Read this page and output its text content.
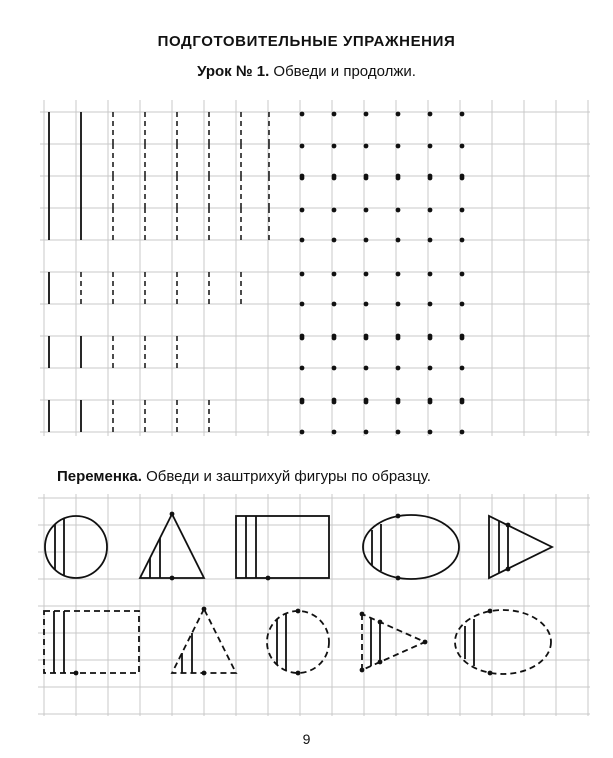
ПОДГОТОВИТЕЛЬНЫЕ УПРАЖНЕНИЯ
Урок № 1. Обведи и продолжи.
Переменка. Обведи и заштрихуй фигуры по образцу.
9
